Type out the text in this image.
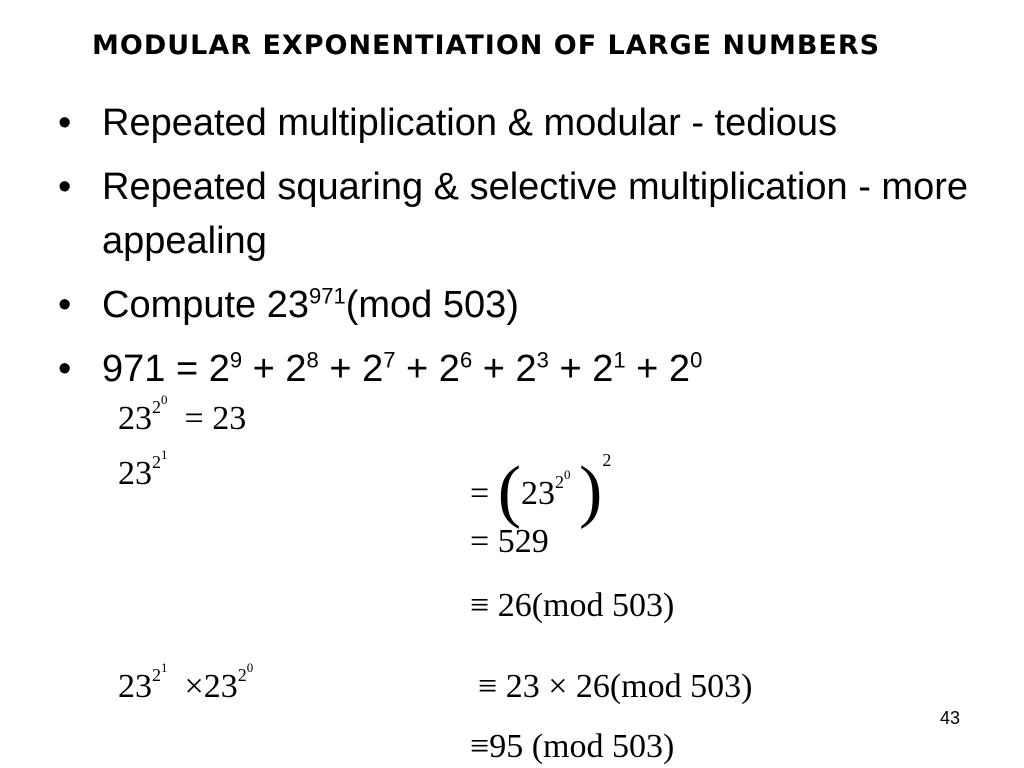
MODULAR EXPONENTIATION OF LARGE NUMBERS
• Repeated multiplication & modular - tedious
• Repeated squaring & selective multiplication - more appealing
• Compute $23^{971}(mod$ 503)
• $971 = 2^9 + 2^8 + 2^7 + 2^6 + 2^3 + 2^1 + 2^0$
$23^{2^0} = 23$
$23^{2^1}$
= ($23^{2^0}$ )$^2$
= 529
≡ 26(mod 503)
$23^{2^1} \times 23^{2^0}$
≡ 23 × 26(mod 503)
≡95 (mod 503)
43
